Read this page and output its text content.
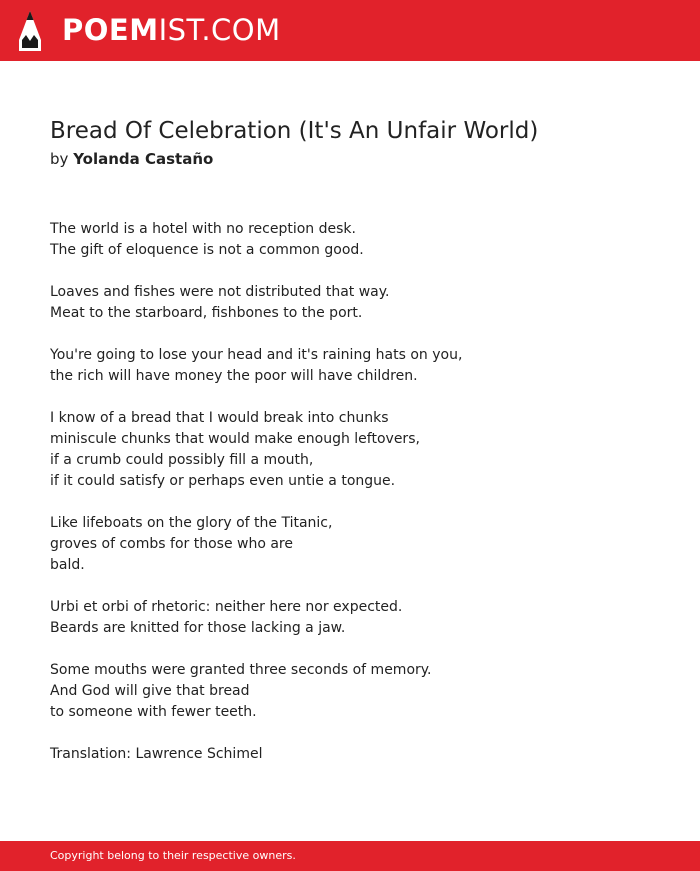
POEMIST.COM
Bread Of Celebration (It's An Unfair World)
by Yolanda Castaño
The world is a hotel with no reception desk.
The gift of eloquence is not a common good.
Loaves and fishes were not distributed that way.
Meat to the starboard, fishbones to the port.
You're going to lose your head and it's raining hats on you,
the rich will have money the poor will have children.
I know of a bread that I would break into chunks
miniscule chunks that would make enough leftovers,
if a crumb could possibly fill a mouth,
if it could satisfy or perhaps even untie a tongue.
Like lifeboats on the glory of the Titanic,
groves of combs for those who are
bald.
Urbi et orbi of rhetoric: neither here nor expected.
Beards are knitted for those lacking a jaw.
Some mouths were granted three seconds of memory.
And God will give that bread
to someone with fewer teeth.
Translation: Lawrence Schimel
Copyright belong to their respective owners.
